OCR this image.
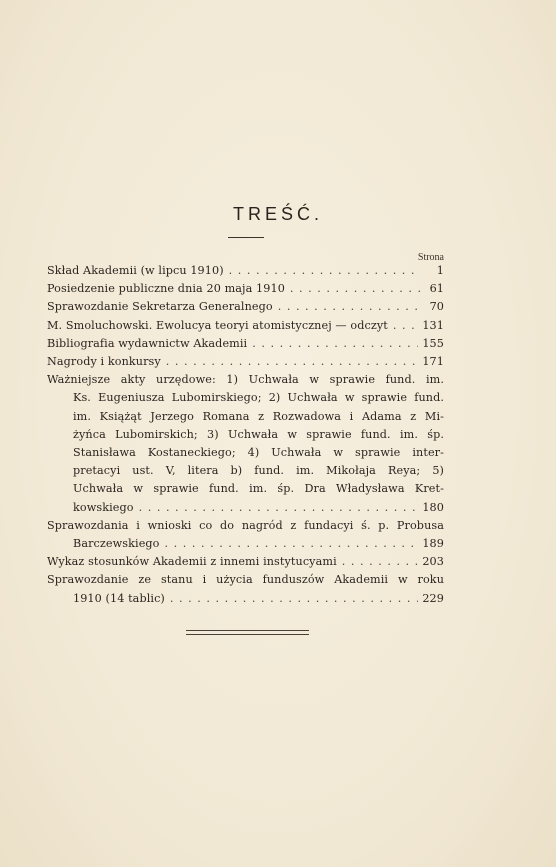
TREŚĆ.
Strona
Skład Akademii (w lipcu 1910) . . .	1
Posiedzenie publiczne dnia 20 maja 1910 . . .	61
Sprawozdanie Sekretarza Generalnego . . .	70
M. Smoluchowski. Ewolucya teoryi atomistycznej — odczyt . . .	131
Bibliografia wydawnictw Akademii . . .	155
Nagrody i konkursy . . .	171
Ważniejsze akty urzędowe: 1) Uchwała w sprawie fund. im.
Ks. Eugeniusza Lubomirskiego; 2) Uchwała w sprawie fund.
im. Książąt Jerzego Romana z Rozwadowa i Adama z Mi-
żyńca Lubomirskich; 3) Uchwała w sprawie fund. im. śp.
Stanisława Kostaneckiego; 4) Uchwała w sprawie inter-
pretacyi ust. V, litera b) fund. im. Mikołaja Reya; 5)
Uchwała w sprawie fund. im. śp. Dra Władysława Kret-
kowskiego . . .	180
Sprawozdania i wnioski co do nagród z fundacyi ś. p. Probusa
Barczewskiego . . .	189
Wykaz stosunków Akademii z innemi instytucyami . . .	203
Sprawozdanie ze stanu i użycia funduszów Akademii w roku
1910 (14 tablic) . . .	229
